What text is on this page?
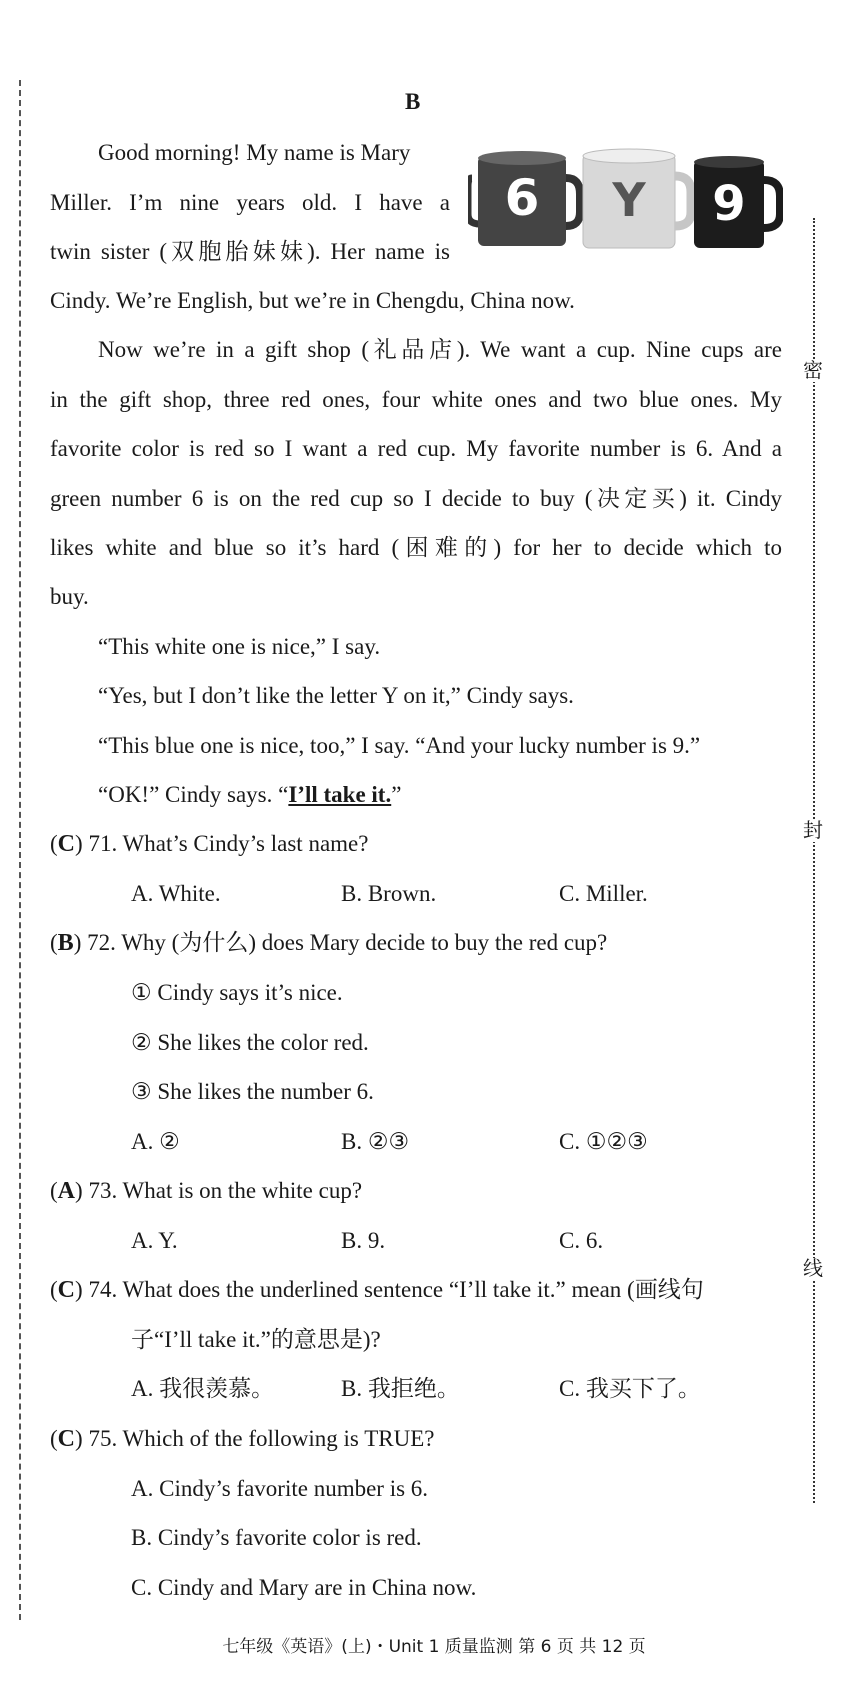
密
封
线
B
6 Y 9
Good morning! My name is Mary
Miller. I’m nine years old. I have a
twin sister (双胞胎妹妹). Her name is
Cindy. We’re English, but we’re in Chengdu, China now.
Now we’re in a gift shop (礼品店). We want a cup. Nine cups are
in the gift shop, three red ones, four white ones and two blue ones. My
favorite color is red so I want a red cup. My favorite number is 6. And a
green number 6 is on the red cup so I decide to buy (决定买) it. Cindy
likes white and blue so it’s hard (困难的) for her to decide which to
buy.
“This white one is nice,” I say.
“Yes, but I don’t like the letter Y on it,” Cindy says.
“This blue one is nice, too,” I say. “And your lucky number is 9.”
“OK!” Cindy says. “I’ll take it.”
(C) 71. What’s Cindy’s last name?
A. White.	B. Brown.	C. Miller.
(B) 72. Why (为什么) does Mary decide to buy the red cup?
① Cindy says it’s nice.
② She likes the color red.
③ She likes the number 6.
A. ②	B. ②③	C. ①②③
(A) 73. What is on the white cup?
A. Y.	B. 9.	C. 6.
(C) 74. What does the underlined sentence “I’ll take it.” mean (画线句
子“I’ll take it.”的意思是)?
A. 我很羡慕。	B. 我拒绝。	C. 我买下了。
(C) 75. Which of the following is TRUE?
A. Cindy’s favorite number is 6.
B. Cindy’s favorite color is red.
C. Cindy and Mary are in China now.
七年级《英语》(上)・Unit 1 质量监测 第 6 页 共 12 页
